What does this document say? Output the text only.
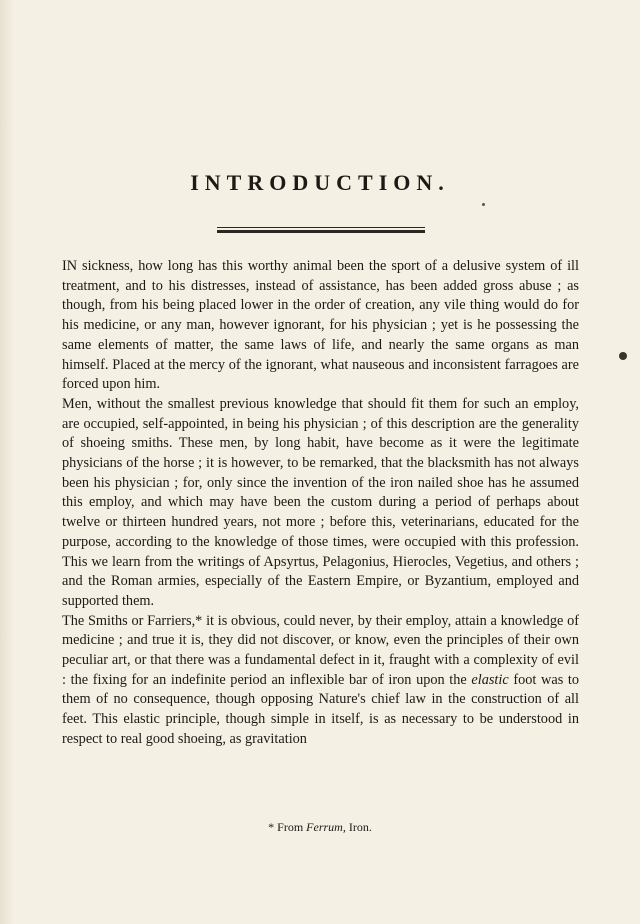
INTRODUCTION.

IN sickness, how long has this worthy animal been the sport of a delusive system of ill treatment, and to his distresses, instead of assistance, has been added gross abuse ; as though, from his being placed lower in the order of creation, any vile thing would do for his medicine, or any man, however ignorant, for his physician ; yet is he possessing the same elements of matter, the same laws of life, and nearly the same organs as man himself. Placed at the mercy of the ignorant, what nauseous and inconsistent farragoes are forced upon him.

Men, without the smallest previous knowledge that should fit them for such an employ, are occupied, self-appointed, in being his physician ; of this description are the generality of shoeing smiths. These men, by long habit, have become as it were the legitimate physicians of the horse ; it is however, to be remarked, that the blacksmith has not always been his physician ; for, only since the invention of the iron nailed shoe has he assumed this employ, and which may have been the custom during a period of perhaps about twelve or thirteen hundred years, not more ; before this, veterinarians, educated for the purpose, according to the knowledge of those times, were occupied with this profession. This we learn from the writings of Apsyrtus, Pelagonius, Hierocles, Vegetius, and others ; and the Roman armies, especially of the Eastern Empire, or Byzantium, employed and supported them.

The Smiths or Farriers,* it is obvious, could never, by their employ, attain a knowledge of medicine ; and true it is, they did not discover, or know, even the principles of their own peculiar art, or that there was a fundamental defect in it, fraught with a complexity of evil : the fixing for an indefinite period an inflexible bar of iron upon the elastic foot was to them of no consequence, though opposing Nature's chief law in the construction of all feet. This elastic principle, though simple in itself, is as necessary to be understood in respect to real good shoeing, as gravitation

* From Ferrum, Iron.
